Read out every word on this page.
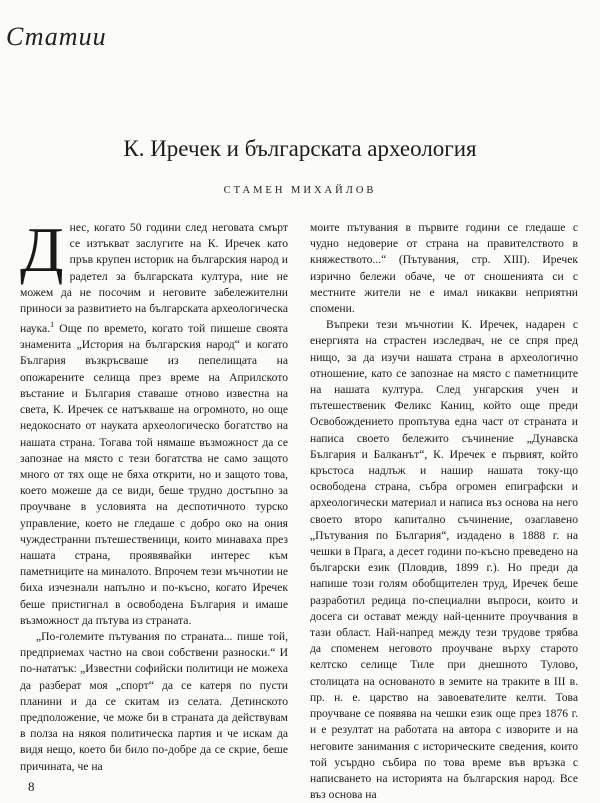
Статии
К. Иречек и българската археология
СТАМЕН МИХАЙЛОВ

Днес, когато 50 години след неговата смърт се изтъкват заслугите на К. Иречек като пръв крупен историк на българския народ и радетел за българската култура, ние не можем да не посочим и неговите забележителни приноси за развитието на българската археологическа наука.$^1$ Още по времето, когато той пишеше своята знаменита „История на българския народ“ и когато България възкръсваше из пепелищата на опожарените селища през време на Априлското въстание и България ставаше отново известна на света, К. Иречек се натъкваше на огромното, но още недокоснато от науката археологическо богатство на нашата страна. Тогава той нямаше възможност да се запознае на място с тези богатства не само защото много от тях още не бяха открити, но и защото това, което можеше да се види, беше трудно достъпно за проучване в условията на деспотичното турско управление, което не гледаше с добро око на ония чуждестранни пътешественици, които минаваха през нашата страна, проявявайки интерес към паметниците на миналото. Впрочем тези мъчнотии не биха изчезнали напълно и по-късно, когато Иречек беше пристигнал в освободена България и имаше възможност да пътува из страната.

„По-големите пътувания по страната... пише той, предприемах частно на свои собствени разноски.“ И по-нататък: „Известни софийски политици не можеха да разберат моя „спорт“ да се катеря по пусти планини и да се скитам из селата. Детинското предположение, че може би в страната да действувам в полза на някоя политическа партия и че искам да видя нещо, което би било по-добре да се скрие, беше причината, че на

моите пътувания в първите години се гледаше с чудно недоверие от страна на правителството в княжеството...“ (Пътувания, стр. XIII). Иречек изрично бележи обаче, че от сношенията си с местните жители не е имал никакви неприятни спомени.

Въпреки тези мъчнотии К. Иречек, надарен с енергията на страстен изследвач, не се спря пред нищо, за да изучи нашата страна в археологично отношение, като се запознае на място с паметниците на нашата култура. След унгарския учен и пътешественик Феликс Каниц, който още преди Освобождението пропътува една част от страната и написа своето бележито съчинение „Дунавска България и Балканът“, К. Иречек е първият, който кръстоса надлъж и нашир нашата току-що освободена страна, събра огромен епиграфски и археологически материал и написа въз основа на него своето второ капитално съчинение, озаглавено „Пътувания по България“, издадено в 1888 г. на чешки в Прага, а десет години по-късно преведено на български език (Пловдив, 1899 г.). Но преди да напише този голям обобщителен труд, Иречек беше разработил редица по-специални въпроси, които и досега си остават между най-ценните проучвания в тази област. Най-напред между тези трудове трябва да споменем неговото проучване върху старото келтско селище Тиле при днешното Тулово, столицата на основаното в земите на траките в III в. пр. н. е. царство на завоевателите келти. Това проучване се появява на чешки език още през 1876 г. и е резултат на работата на автора с изворите и на неговите занимания с историческите сведения, които той усърдно събира по това време във връзка с написването на историята на българския народ. Все въз основа на

8
